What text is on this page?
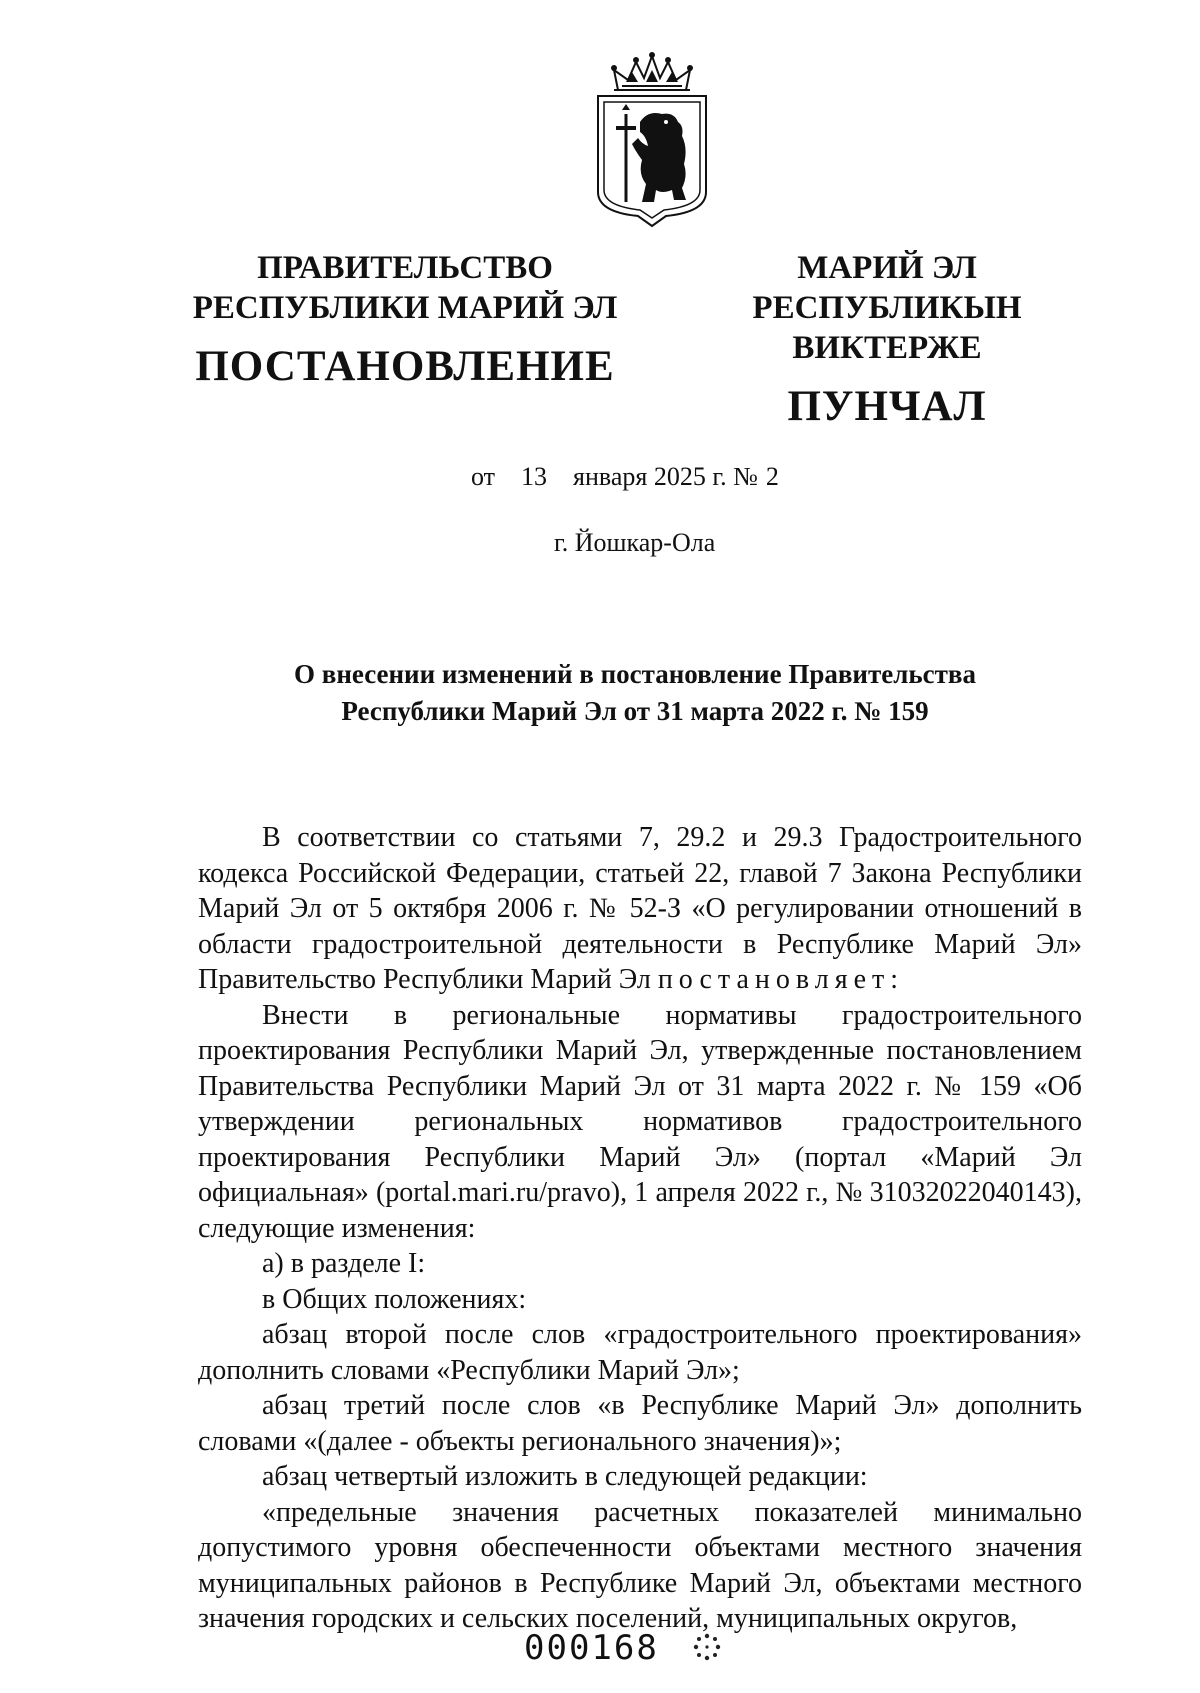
ПРАВИТЕЛЬСТВО
РЕСПУБЛИКИ МАРИЙ ЭЛ
ПОСТАНОВЛЕНИЕ
МАРИЙ ЭЛ РЕСПУБЛИКЫН
ВИКТЕРЖЕ
ПУНЧАЛ
от 13 января 2025 г. № 2
г. Йошкар-Ола
О внесении изменений в постановление Правительства
Республики Марий Эл от 31 марта 2022 г. № 159

В соответствии со статьями 7, 29.2 и 29.3 Градостроительного кодекса Российской Федерации, статьей 22, главой 7 Закона Республики Марий Эл от 5 октября 2006 г. № 52-З «О регулировании отношений в области градостроительной деятельности в Республике Марий Эл» Правительство Республики Марий Эл постановляет:

Внести в региональные нормативы градостроительного проектирования Республики Марий Эл, утвержденные постановлением Правительства Республики Марий Эл от 31 марта 2022 г. № 159 «Об утверждении региональных нормативов градостроительного проектирования Республики Марий Эл» (портал «Марий Эл официальная» (portal.mari.ru/pravo), 1 апреля 2022 г., № 31032022040143), следующие изменения:

а) в разделе I:

в Общих положениях:

абзац второй после слов «градостроительного проектирования» дополнить словами «Республики Марий Эл»;

абзац третий после слов «в Республике Марий Эл» дополнить словами «(далее - объекты регионального значения)»;

абзац четвертый изложить в следующей редакции:

«предельные значения расчетных показателей минимально допустимого уровня обеспеченности объектами местного значения муниципальных районов в Республике Марий Эл, объектами местного значения городских и сельских поселений, муниципальных округов,

000168
